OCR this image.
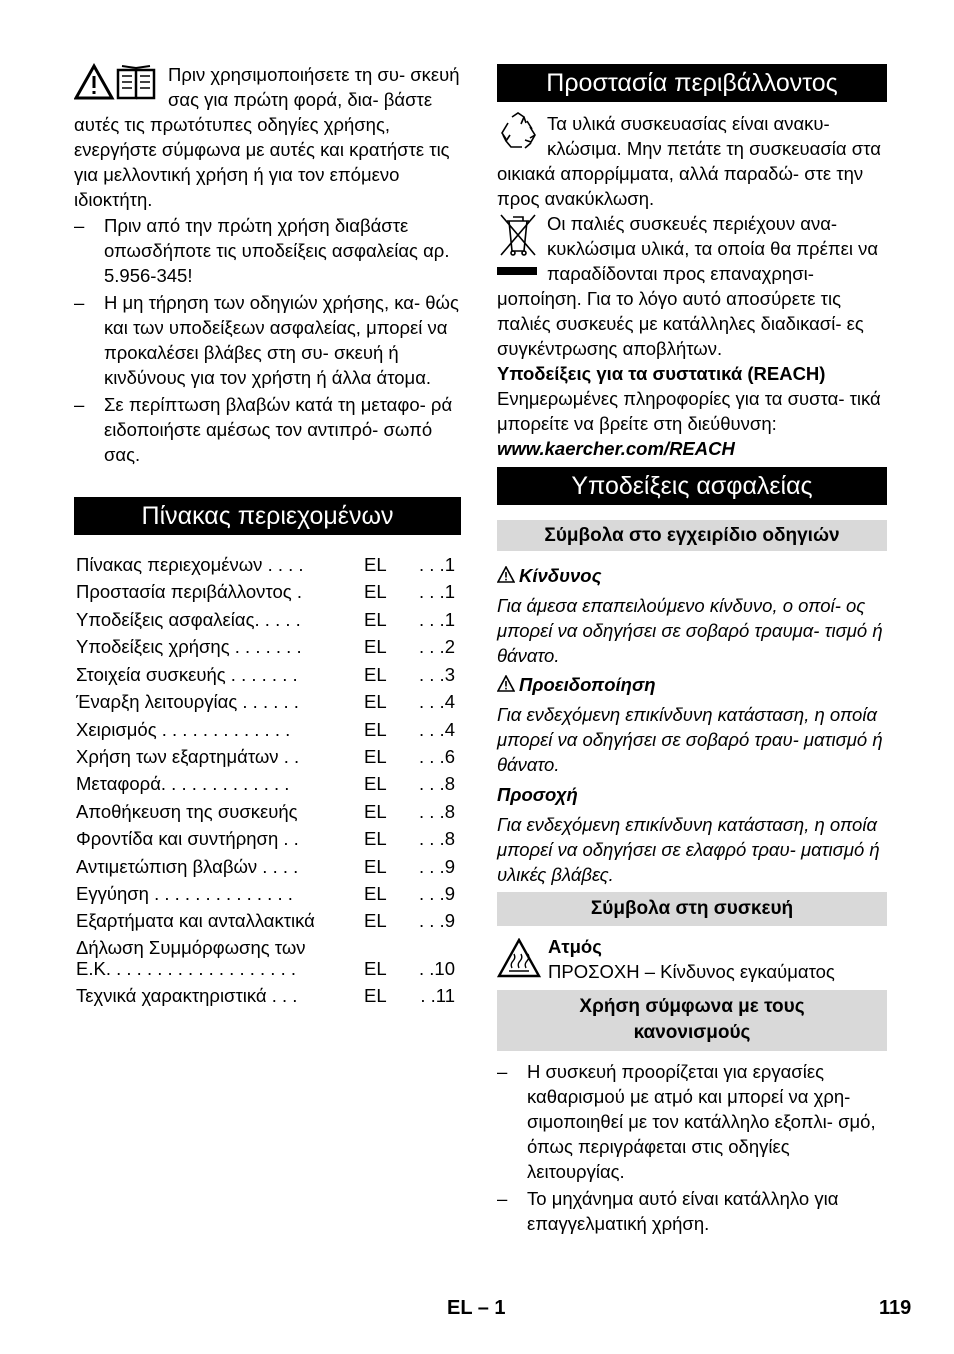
Πριν χρησιμοποιήσετε τη συ- σκευή σας για πρώτη φορά, δια- βάστε αυτές τις πρωτότυπες οδηγίες χρήσης, ενεργήστε σύμφωνα με αυτές και κρατήστε τις για μελλοντική χρήση ή για τον επόμενο ιδιοκτήτη.

– Πριν από την πρώτη χρήση διαβάστε οπωσδήποτε τις υποδείξεις ασφαλείας αρ. 5.956-345!
– Η μη τήρηση των οδηγιών χρήσης, κα- θώς και των υποδείξεων ασφαλείας, μπορεί να προκαλέσει βλάβες στη συ- σκευή ή κινδύνους για τον χρήστη ή άλλα άτομα.
– Σε περίπτωση βλαβών κατά τη μεταφο- ρά ειδοποιήστε αμέσως τον αντιπρό- σωπό σας.
Πίνακας περιεχομένων
Πίνακας περιεχομένων . . . .	EL . . .1
Προστασία περιβάλλοντος .	EL . . .1
Υποδείξεις ασφαλείας. . . . .	EL . . .1
Υποδείξεις χρήσης . . . . . . .	EL . . .2
Στοιχεία συσκευής . . . . . . .	EL . . .3
Έναρξη λειτουργίας . . . . . .	EL . . .4
Χειρισμός . . . . . . . . . . . . .	EL . . .4
Χρήση των εξαρτημάτων . .	EL . . .6
Μεταφορά. . . . . . . . . . . . .	EL . . .8
Αποθήκευση της συσκευής	EL . . .8
Φροντίδα και συντήρηση . .	EL . . .8
Αντιμετώπιση βλαβών . . . .	EL . . .9
Εγγύηση . . . . . . . . . . . . . .	EL . . .9
Εξαρτήματα και ανταλλακτικά	EL . . .9
Δήλωση Συμμόρφωσης των
Ε.Κ. . . . . . . . . . . . . . . . . . .	EL . .10
Τεχνικά χαρακτηριστικά . . .	EL . .11
Προστασία περιβάλλοντος

Τα υλικά συσκευασίας είναι ανακυ- κλώσιμα. Μην πετάτε τη συσκευασία στα οικιακά απορρίμματα, αλλά παραδώ- στε την προς ανακύκλωση.

Οι παλιές συσκευές περιέχουν ανα- κυκλώσιμα υλικά, τα οποία θα πρέπει να παραδίδονται προς επαναχρησι- μοποίηση. Για το λόγο αυτό αποσύρετε τις παλιές συσκευές με κατάλληλες διαδικασί- ες συγκέντρωσης αποβλήτων.

Υποδείξεις για τα συστατικά (REACH)

Ενημερωμένες πληροφορίες για τα συστα- τικά μπορείτε να βρείτε στη διεύθυνση:

www.kaercher.com/REACH

Υποδείξεις ασφαλείας
Σύμβολα στο εγχειρίδιο οδηγιών

Κίνδυνος

Για άμεσα επαπειλούμενο κίνδυνο, ο οποί- ος μπορεί να οδηγήσει σε σοβαρό τραυμα- τισμό ή θάνατο.

Προειδοποίηση

Για ενδεχόμενη επικίνδυνη κατάσταση, η οποία μπορεί να οδηγήσει σε σοβαρό τραυ- ματισμό ή θάνατο.

Προσοχή

Για ενδεχόμενη επικίνδυνη κατάσταση, η οποία μπορεί να οδηγήσει σε ελαφρό τραυ- ματισμό ή υλικές βλάβες.

Σύμβολα στη συσκευή

Ατμός

ΠΡΟΣΟΧΗ – Κίνδυνος εγκαύματος

Χρήση σύμφωνα με τους
κανονισμούς
– Η συσκευή προορίζεται για εργασίες καθαρισμού με ατμό και μπορεί να χρη- σιμοποιηθεί με τον κατάλληλο εξοπλι- σμό, όπως περιγράφεται στις οδηγίες λειτουργίας.
– Το μηχάνημα αυτό είναι κατάλληλο για επαγγελματική χρήση.
EL – 1	119
